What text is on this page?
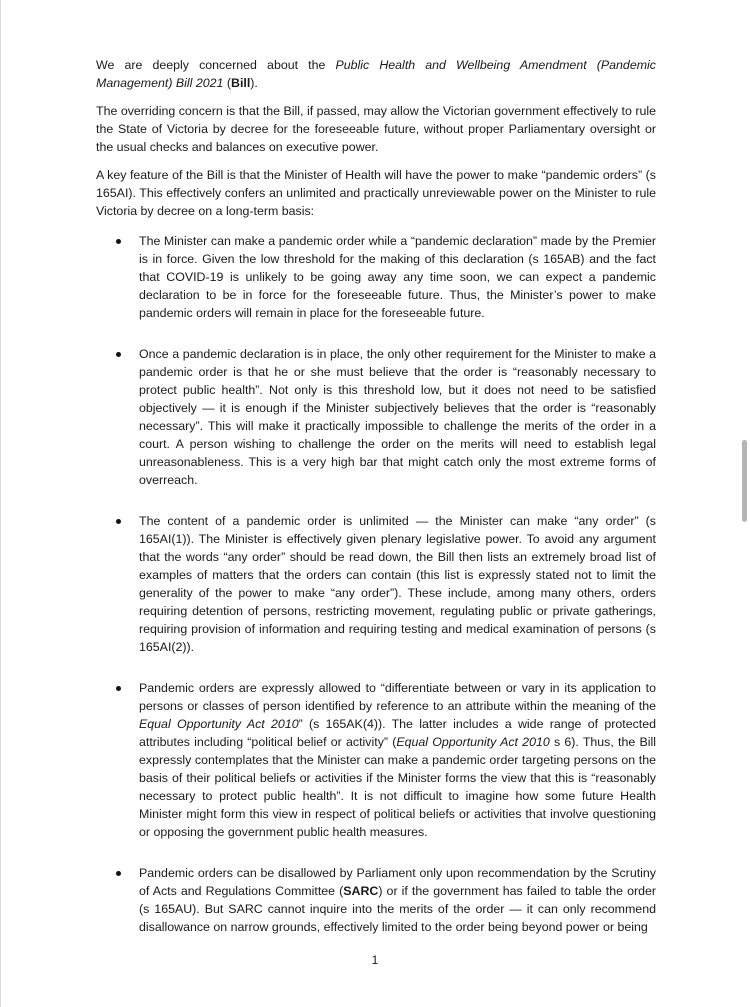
We are deeply concerned about the Public Health and Wellbeing Amendment (Pandemic Management) Bill 2021 (Bill).

The overriding concern is that the Bill, if passed, may allow the Victorian government effectively to rule the State of Victoria by decree for the foreseeable future, without proper Parliamentary oversight or the usual checks and balances on executive power.

A key feature of the Bill is that the Minister of Health will have the power to make “pandemic orders” (s 165AI). This effectively confers an unlimited and practically unreviewable power on the Minister to rule Victoria by decree on a long-term basis:

The Minister can make a pandemic order while a “pandemic declaration” made by the Premier is in force. Given the low threshold for the making of this declaration (s 165AB) and the fact that COVID-19 is unlikely to be going away any time soon, we can expect a pandemic declaration to be in force for the foreseeable future. Thus, the Minister’s power to make pandemic orders will remain in place for the foreseeable future.
Once a pandemic declaration is in place, the only other requirement for the Minister to make a pandemic order is that he or she must believe that the order is “reasonably necessary to protect public health”. Not only is this threshold low, but it does not need to be satisfied objectively — it is enough if the Minister subjectively believes that the order is “reasonably necessary”. This will make it practically impossible to challenge the merits of the order in a court. A person wishing to challenge the order on the merits will need to establish legal unreasonableness. This is a very high bar that might catch only the most extreme forms of overreach.
The content of a pandemic order is unlimited — the Minister can make “any order” (s 165AI(1)). The Minister is effectively given plenary legislative power. To avoid any argument that the words “any order” should be read down, the Bill then lists an extremely broad list of examples of matters that the orders can contain (this list is expressly stated not to limit the generality of the power to make “any order”). These include, among many others, orders requiring detention of persons, restricting movement, regulating public or private gatherings, requiring provision of information and requiring testing and medical examination of persons (s 165AI(2)).
Pandemic orders are expressly allowed to “differentiate between or vary in its application to persons or classes of person identified by reference to an attribute within the meaning of the Equal Opportunity Act 2010” (s 165AK(4)). The latter includes a wide range of protected attributes including “political belief or activity” (Equal Opportunity Act 2010 s 6). Thus, the Bill expressly contemplates that the Minister can make a pandemic order targeting persons on the basis of their political beliefs or activities if the Minister forms the view that this is “reasonably necessary to protect public health”. It is not difficult to imagine how some future Health Minister might form this view in respect of political beliefs or activities that involve questioning or opposing the government public health measures.
Pandemic orders can be disallowed by Parliament only upon recommendation by the Scrutiny of Acts and Regulations Committee (SARC) or if the government has failed to table the order (s 165AU). But SARC cannot inquire into the merits of the order — it can only recommend disallowance on narrow grounds, effectively limited to the order being beyond power or being
1
